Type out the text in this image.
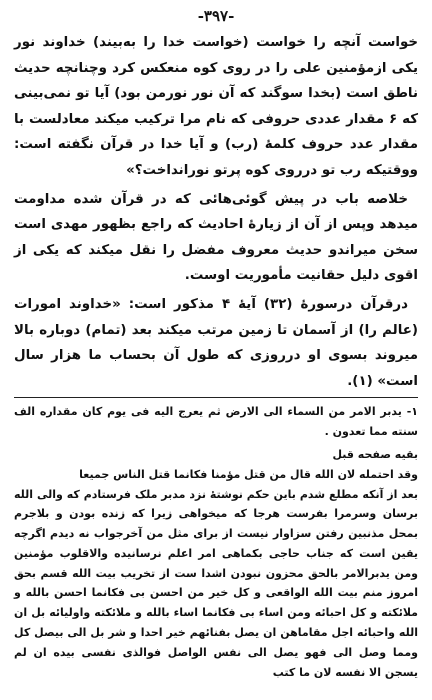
-۳۹۷-

خواست آنچه را خواست (خواست خدا را به‌بیند) خداوند نور یکی ازمؤمنین علی را در روی کوه منعکس کرد وچنانچه حدیث ناطق است (بخدا سوگند که آن نور نورمن بود) آیا تو نمی‌بینی که ۶ مقدار عددی حروفی که نام مرا ترکیب میکند معادلست با مقدار عدد حروف کلمهٔ (رب) و آیا خدا در قرآن نگفته است: ووقتیکه رب تو درروی کوه پرتو نورانداخت؟»

خلاصه باب در پیش گوئی‌هائی که در قرآن شده مداومت میدهد وپس از آن از زیارهٔ احادیث که راجع بظهور مهدی است سخن میراندو حدیث معروف مفضل را نقل میکند که یکی از اقوی دلیل حقانیت مأموریت اوست.

درقرآن درسورهٔ (۳۲) آیهٔ ۴ مذکور است: «خداوند امورات (عالم را) از آسمان تا زمین مرتب میکند بعد (تمام) دوباره بالا میروند بسوی او درروزی که طول آن بحساب ما هزار سال است» (۱).

۱- یدبر الامر من السماء الی الارض ثم یعرج الیه فی یوم کان مقداره الف سنته مما تعدون .

بقیه صفحه قبل

وقد احتمله لان الله قال من قتل مؤمنا فکانما قتل الناس جمیعا

بعد از آنکه مطلع شدم باین حکم نوشتهٔ نزد مدبر ملک فرستادم که والی الله برسان وسرمرا بفرست هرجا که میخواهی زیرا که زنده بودن و بلاجرم بمحل مذنبین رفتن سزاوار نیست از برای مثل من آخرجواب نه دیدم اگرچه یقین است که جناب حاجی بکماهی امر اعلم نرسانیده والاقلوب مؤمنین ومن یدبرالامر بالحق محزون نبودن اشدا ست از تخریب بیت الله قسم بحق امروز منم بیت الله الواقعی و کل خیر من احسن بی فکانما احسن بالله و ملائکته و کل احبائه ومن اساء بی فکانما اساء بالله و ملائکته واولیائه بل ان الله واحبائه اجل مقاماهن ان یصل بفنائهم خیر احدا و شر بل الی بیصل کل ومما وصل الی فهو یصل الی نفس الواصل فوالذی نفسی بیده ان لم یسجن الا نفسه لان ما کتب
